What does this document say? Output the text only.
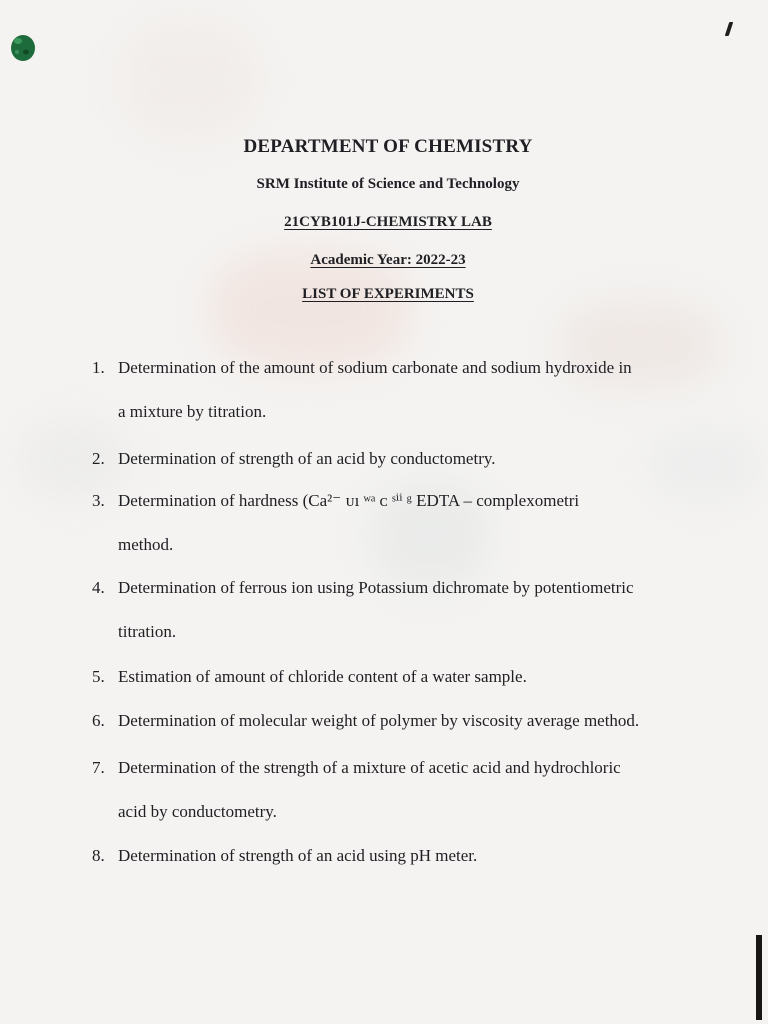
DEPARTMENT OF CHEMISTRY
SRM Institute of Science and Technology
21CYB101J-CHEMISTRY LAB
Academic Year: 2022-23
LIST OF EXPERIMENTS
1. Determination of the amount of sodium carbonate and sodium hydroxide in
a mixture by titration.
2. Determination of strength of an acid by conductometry.
3. Determination of hardness (Ca²⁻ ᴜı ʷᵃ ᴄ ˢⁱⁱ ᵍ EDTA – complexometri
method.
4. Determination of ferrous ion using Potassium dichromate by potentiometric
titration.
5. Estimation of amount of chloride content of a water sample.
6. Determination of molecular weight of polymer by viscosity average method.
7. Determination of the strength of a mixture of acetic acid and hydrochloric
acid by conductometry.
8. Determination of strength of an acid using pH meter.
